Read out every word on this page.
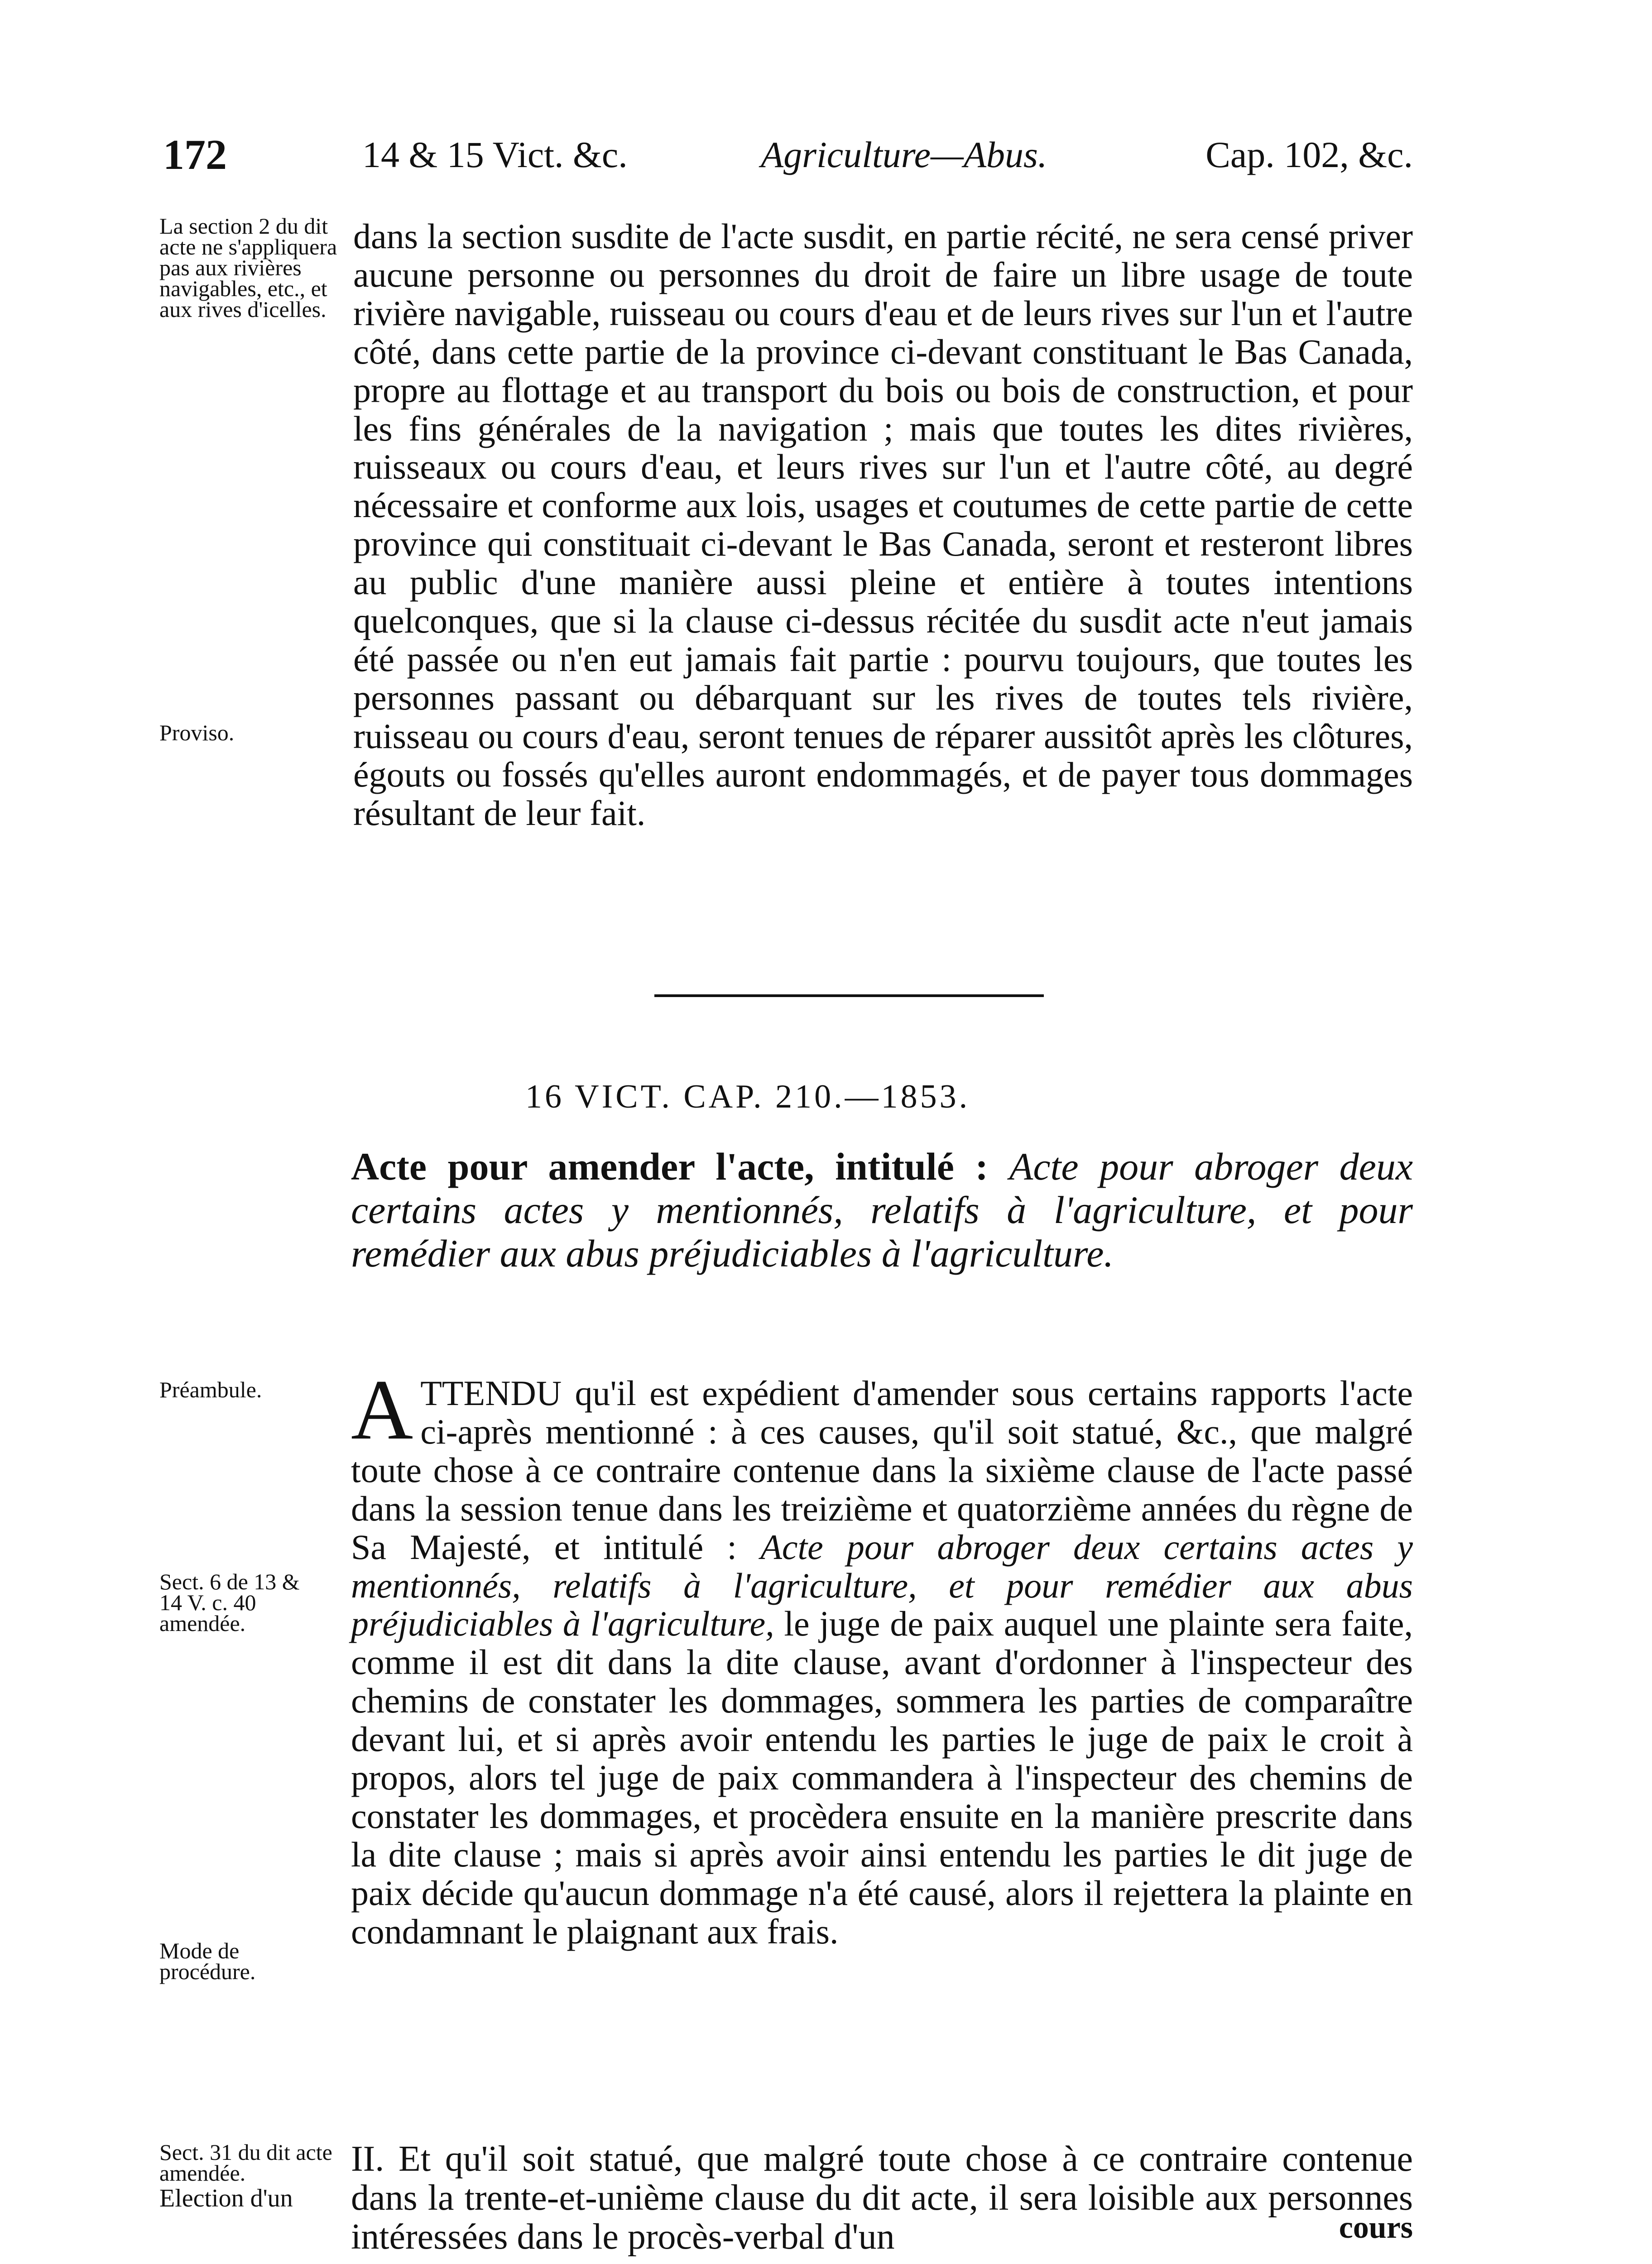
172	14 & 15 Vict. &c.	Agriculture—Abus.	Cap. 102, &c.

La section 2 du dit acte ne s'appliquera pas aux rivières navigables, etc., et aux rives d'icelles.

Proviso.

Préambule.

Sect. 6 de 13 & 14 V. c. 40 amendée.

Mode de procédure.

Sect. 31 du dit acte amendée.

Election d'un

dans la section susdite de l'acte susdit, en partie récité, ne sera censé priver aucune personne ou personnes du droit de faire un libre usage de toute rivière navigable, ruisseau ou cours d'eau et de leurs rives sur l'un et l'autre côté, dans cette partie de la province ci-devant constituant le Bas Canada, propre au flottage et au transport du bois ou bois de construction, et pour les fins générales de la navigation ; mais que toutes les dites rivières, ruisseaux ou cours d'eau, et leurs rives sur l'un et l'autre côté, au degré nécessaire et conforme aux lois, usages et coutumes de cette partie de cette province qui constituait ci-devant le Bas Canada, seront et resteront libres au public d'une manière aussi pleine et entière à toutes intentions quelconques, que si la clause ci-dessus récitée du susdit acte n'eut jamais été passée ou n'en eut jamais fait partie : pourvu toujours, que toutes les personnes passant ou débarquant sur les rives de toutes tels rivière, ruisseau ou cours d'eau, seront tenues de réparer aussitôt après les clôtures, égouts ou fossés qu'elles auront endommagés, et de payer tous dommages résultant de leur fait.

16 VICT. CAP. 210.—1853.

Acte pour amender l'acte, intitulé : Acte pour abroger deux certains actes y mentionnés, relatifs à l'agriculture, et pour remédier aux abus préjudiciables à l'agriculture.

A TTENDU qu'il est expédient d'amender sous certains rapports l'acte ci-après mentionné : à ces causes, qu'il soit statué, &c., que malgré toute chose à ce contraire contenue dans la sixième clause de l'acte passé dans la session tenue dans les treizième et quatorzième années du règne de Sa Majesté, et intitulé : Acte pour abroger deux certains actes y mentionnés, relatifs à l'agriculture, et pour remédier aux abus préjudiciables à l'agriculture, le juge de paix auquel une plainte sera faite, comme il est dit dans la dite clause, avant d'ordonner à l'inspecteur des chemins de constater les dommages, sommera les parties de comparaître devant lui, et si après avoir entendu les parties le juge de paix le croit à propos, alors tel juge de paix commandera à l'inspecteur des chemins de constater les dommages, et procèdera ensuite en la manière prescrite dans la dite clause ; mais si après avoir ainsi entendu les parties le dit juge de paix décide qu'aucun dommage n'a été causé, alors il rejettera la plainte en condamnant le plaignant aux frais.

II. Et qu'il soit statué, que malgré toute chose à ce contraire contenue dans la trente-et-unième clause du dit acte, il sera loisible aux personnes intéressées dans le procès-verbal d'un	cours
